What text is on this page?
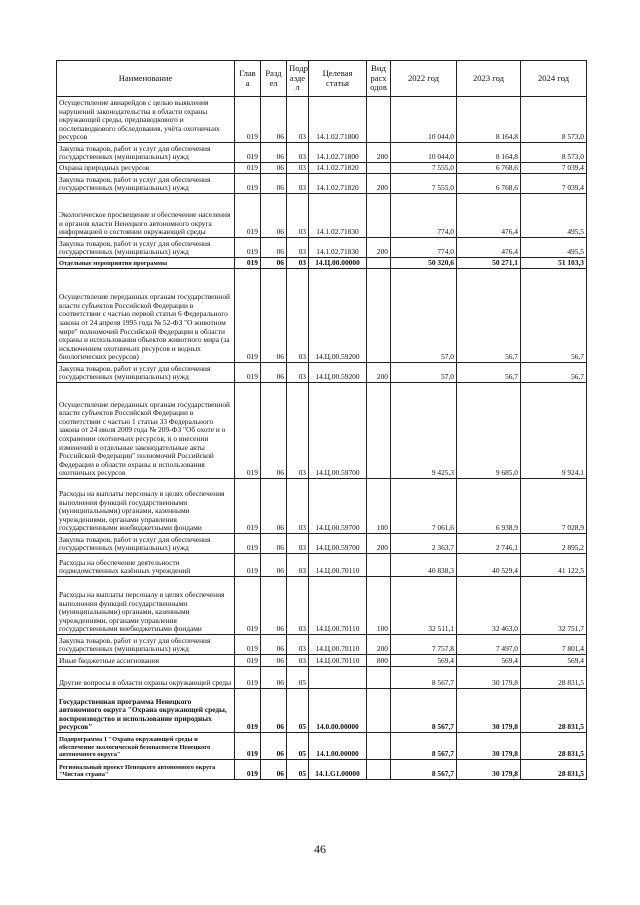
Наименование	Глав а	Разд ел	Подр азде л	Целевая статья	Вид расх одов	2022 год	2023 год	2024 год
Осуществление авиарейдов с целью выявления нарушений законодательства в области охраны окружающей среды, предпаводкового и послепаводкового обследования, учёта охотничьих ресурсов	019	06	03	14.1.02.71800		10 044,0	8 164,8	8 573,0
Закупка товаров, работ и услуг для обеспечения государственных (муниципальных) нужд	019	06	03	14.1.02.71800	200	10 044,0	8 164,8	8 573,0
Охрана природных ресурсов	019	06	03	14.1.02.71820		7 555,0	6 768,6	7 039,4
Закупка товаров, работ и услуг для обеспечения государственных (муниципальных) нужд	019	06	03	14.1.02.71820	200	7 555,0	6 768,6	7 039,4
Экологическое просвещение и обеспечение населения и органов власти Ненецкого автономного округа информацией о состоянии окружающей среды	019	06	03	14.1.02.71830		774,0	476,4	495,5
Закупка товаров, работ и услуг для обеспечения государственных (муниципальных) нужд	019	06	03	14.1.02.71830	200	774,0	476,4	495,5
Отдельные мероприятия программы	019	06	03	14.Ц.00.00000		50 320,6	50 271,1	51 103,3
Осуществление переданных органам государственной власти субъектов Российской Федерации в соответствии с частью первой статьи 6 Федерального закона от 24 апреля 1995 года № 52-ФЗ "О животном мире" полномочий Российской Федерации в области охраны и использования объектов животного мира (за исключением охотничьих ресурсов и водных биологических ресурсов)	019	06	03	14.Ц.00.59200		57,0	56,7	56,7
Закупка товаров, работ и услуг для обеспечения государственных (муниципальных) нужд	019	06	03	14.Ц.00.59200	200	57,0	56,7	56,7
Осуществление переданных органам государственной власти субъектов Российской Федерации в соответствии с частью 1 статьи 33 Федерального закона от 24 июля 2009 года № 209-ФЗ "Об охоте и о сохранении охотничьих ресурсов, и о внесении изменений в отдельные законодательные акты Российской Федерации" полномочий Российской Федерации в области охраны и использования охотничьих ресурсов	019	06	03	14.Ц.00.59700		9 425,3	9 685,0	9 924,1
Расходы на выплаты персоналу в целях обеспечения выполнения функций государственными (муниципальными) органами, казенными учреждениями, органами управления государственными внебюджетными фондами	019	06	03	14.Ц.00.59700	100	7 061,6	6 938,9	7 028,9
Закупка товаров, работ и услуг для обеспечения государственных (муниципальных) нужд	019	06	03	14.Ц.00.59700	200	2 363,7	2 746,1	2 895,2
Расходы на обеспечение деятельности подведомственных казённых учреждений	019	06	03	14.Ц.00.70110		40 838,3	40 529,4	41 122,5
Расходы на выплаты персоналу в целях обеспечения выполнения функций государственными (муниципальными) органами, казенными учреждениями, органами управления государственными внебюджетными фондами	019	06	03	14.Ц.00.70110	100	32 511,1	32 463,0	32 751,7
Закупка товаров, работ и услуг для обеспечения государственных (муниципальных) нужд	019	06	03	14.Ц.00.70110	200	7 757,8	7 497,0	7 801,4
Иные бюджетные ассигнования	019	06	03	14.Ц.00.70110	800	569,4	569,4	569,4
Другие вопросы в области охраны окружающей среды	019	06	05			8 567,7	30 179,8	28 831,5
Государственная программа Ненецкого автономного округа "Охрана окружающей среды, воспроизводство и использование природных ресурсов"	019	06	05	14.0.00.00000		8 567,7	30 179,8	28 831,5
Подпрограмма 1 "Охрана окружающей среды и обеспечение экологической безопасности Ненецкого автономного округа"	019	06	05	14.1.00.00000		8 567,7	30 179,8	28 831,5
Региональный проект Ненецкого автономного округа "Чистая страна"	019	06	05	14.1.G1.00000		8 567,7	30 179,8	28 831,5
46
